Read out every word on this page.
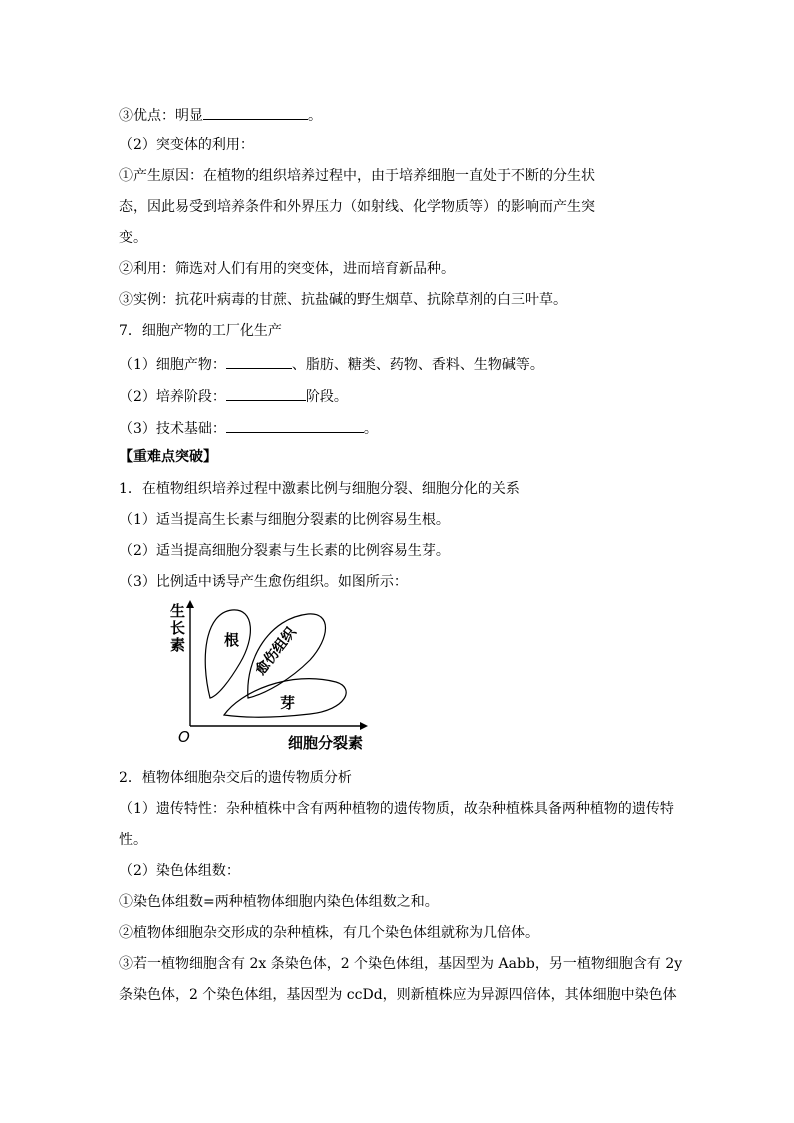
③优点：明显	。
（2）突变体的利用：
①产生原因：在植物的组织培养过程中，由于培养细胞一直处于不断的分生状
态，因此易受到培养条件和外界压力（如射线、化学物质等）的影响而产生突
变。
②利用：筛选对人们有用的突变体，进而培育新品种。
③实例：抗花叶病毒的甘蔗、抗盐碱的野生烟草、抗除草剂的白三叶草。
7．细胞产物的工厂化生产
（1）细胞产物：	、脂肪、糖类、药物、香料、生物碱等。
（2）培养阶段：	阶段。
（3）技术基础：	。
【重难点突破】
1．在植物组织培养过程中激素比例与细胞分裂、细胞分化的关系
（1）适当提高生长素与细胞分裂素的比例容易生根。
（2）适当提高细胞分裂素与生长素的比例容易生芽。
（3）比例适中诱导产生愈伤组织。如图所示：
根 愈伤组织
芽
生
长
素
O	细胞分裂素
2．植物体细胞杂交后的遗传物质分析
（1）遗传特性：杂种植株中含有两种植物的遗传物质，故杂种植株具备两种植物的遗传特
性。
（2）染色体组数：
①染色体组数=两种植物体细胞内染色体组数之和。
②植物体细胞杂交形成的杂种植株，有几个染色体组就称为几倍体。
③若一植物细胞含有 2x 条染色体，2 个染色体组，基因型为 Aabb，另一植物细胞含有 2y
条染色体，2 个染色体组，基因型为 ccDd，则新植株应为异源四倍体，其体细胞中染色体
